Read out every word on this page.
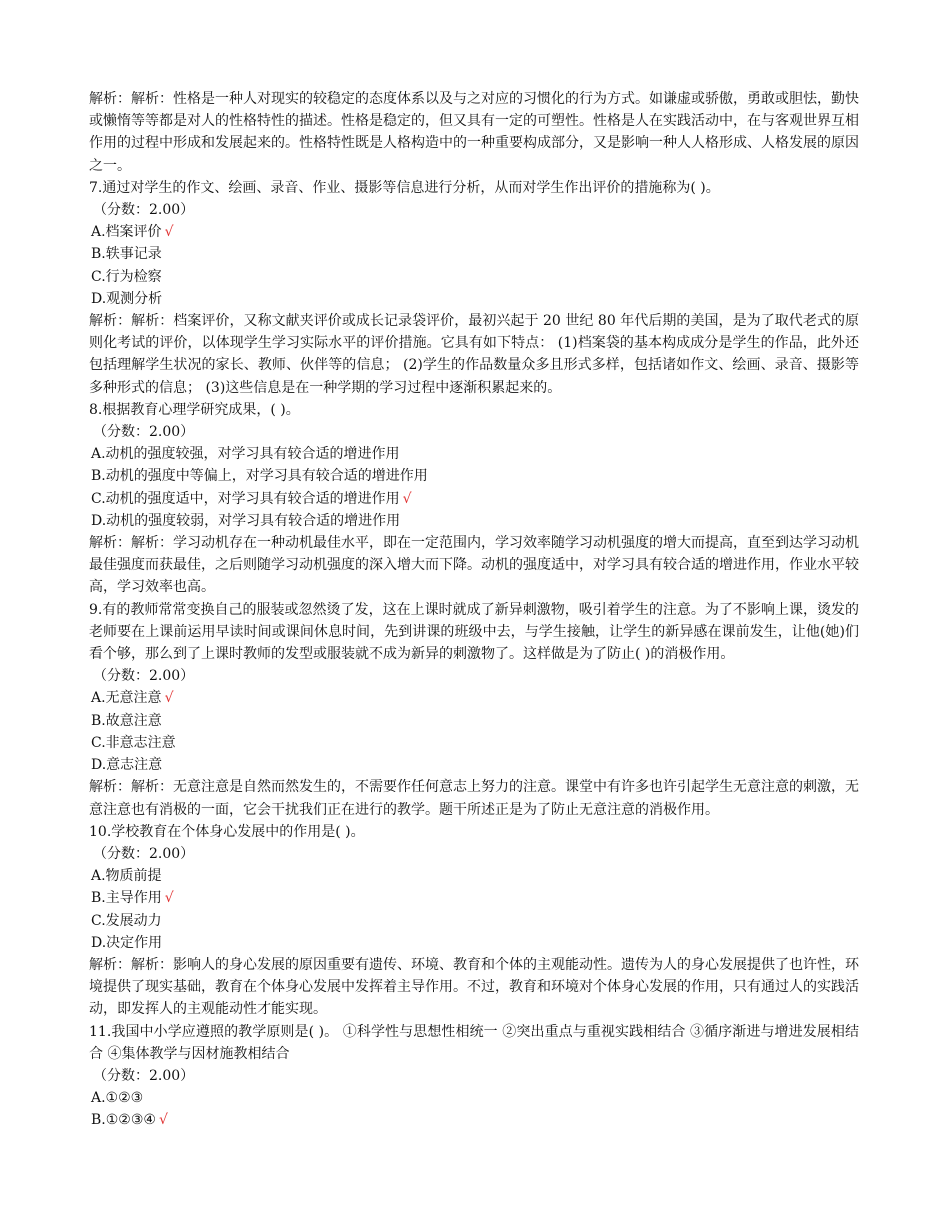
解析：解析：性格是一种人对现实的较稳定的态度体系以及与之对应的习惯化的行为方式。如谦虚或骄傲，勇敢或胆怯，勤快或懒惰等等都是对人的性格特性的描述。性格是稳定的，但又具有一定的可塑性。性格是人在实践活动中，在与客观世界互相作用的过程中形成和发展起来的。性格特性既是人格构造中的一种重要构成部分，又是影响一种人人格形成、人格发展的原因之一。

7.通过对学生的作文、绘画、录音、作业、摄影等信息进行分析，从而对学生作出评价的措施称为( )。

（分数：2.00）

A.档案评价 √

B.轶事记录

C.行为检察

D.观测分析

解析：解析：档案评价，又称文献夹评价或成长记录袋评价，最初兴起于 20 世纪 80 年代后期的美国，是为了取代老式的原则化考试的评价，以体现学生学习实际水平的评价措施。它具有如下特点： (1)档案袋的基本构成成分是学生的作品，此外还包括理解学生状况的家长、教师、伙伴等的信息； (2)学生的作品数量众多且形式多样，包括诸如作文、绘画、录音、摄影等多种形式的信息； (3)这些信息是在一种学期的学习过程中逐渐积累起来的。

8.根据教育心理学研究成果，( )。

（分数：2.00）

A.动机的强度较强，对学习具有较合适的增进作用

B.动机的强度中等偏上，对学习具有较合适的增进作用

C.动机的强度适中，对学习具有较合适的增进作用 √

D.动机的强度较弱，对学习具有较合适的增进作用

解析：解析：学习动机存在一种动机最佳水平，即在一定范围内，学习效率随学习动机强度的增大而提高，直至到达学习动机最佳强度而获最佳，之后则随学习动机强度的深入增大而下降。动机的强度适中，对学习具有较合适的增进作用，作业水平较高，学习效率也高。

9.有的教师常常变换自己的服装或忽然烫了发，这在上课时就成了新异刺激物，吸引着学生的注意。为了不影响上课，烫发的老师要在上课前运用早读时间或课间休息时间，先到讲课的班级中去，与学生接触，让学生的新异感在课前发生，让他(她)们看个够，那么到了上课时教师的发型或服装就不成为新异的刺激物了。这样做是为了防止( )的消极作用。

（分数：2.00）

A.无意注意 √

B.故意注意

C.非意志注意

D.意志注意

解析：解析：无意注意是自然而然发生的，不需要作任何意志上努力的注意。课堂中有许多也许引起学生无意注意的刺激，无意注意也有消极的一面，它会干扰我们正在进行的教学。题干所述正是为了防止无意注意的消极作用。

10.学校教育在个体身心发展中的作用是( )。

（分数：2.00）

A.物质前提

B.主导作用 √

C.发展动力

D.决定作用

解析：解析：影响人的身心发展的原因重要有遗传、环境、教育和个体的主观能动性。遗传为人的身心发展提供了也许性，环境提供了现实基础，教育在个体身心发展中发挥着主导作用。不过，教育和环境对个体身心发展的作用，只有通过人的实践活动，即发挥人的主观能动性才能实现。

11.我国中小学应遵照的教学原则是( )。 ①科学性与思想性相统一 ②突出重点与重视实践相结合 ③循序渐进与增进发展相结合 ④集体教学与因材施教相结合

（分数：2.00）

A.①②③

B.①②③④ √
